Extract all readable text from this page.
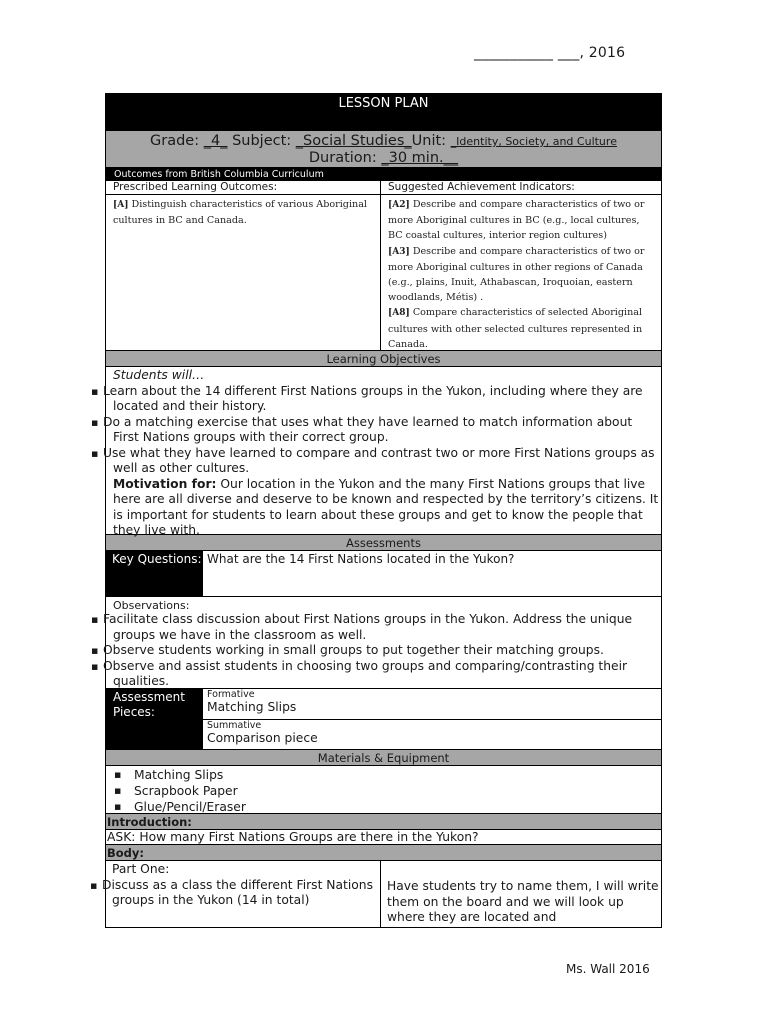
___________ ___, 2016
LESSON PLAN
Grade: _4_ Subject: _Social Studies_Unit: _Identity, Society, and Culture
Duration: _30 min.__
Outcomes from British Columbia Curriculum
Prescribed Learning Outcomes:	Suggested Achievement Indicators:
[A] Distinguish characteristics of various Aboriginal cultures in BC and Canada.
[A2] Describe and compare characteristics of two or more Aboriginal cultures in BC (e.g., local cultures, BC coastal cultures, interior region cultures)
[A3] Describe and compare characteristics of two or more Aboriginal cultures in other regions of Canada (e.g., plains, Inuit, Athabascan, Iroquoian, eastern woodlands, Métis) .
[A8] Compare characteristics of selected Aboriginal cultures with other selected cultures represented in Canada.
Learning Objectives
Students will…
▪ Learn about the 14 different First Nations groups in the Yukon, including where they are located and their history.
▪ Do a matching exercise that uses what they have learned to match information about First Nations groups with their correct group.
▪ Use what they have learned to compare and contrast two or more First Nations groups as well as other cultures.
Motivation for: Our location in the Yukon and the many First Nations groups that live here are all diverse and deserve to be known and respected by the territory’s citizens. It is important for students to learn about these groups and get to know the people that they live with.
Assessments
Key Questions: What are the 14 First Nations located in the Yukon?
Observations:
▪ Facilitate class discussion about First Nations groups in the Yukon. Address the unique groups we have in the classroom as well.
▪ Observe students working in small groups to put together their matching groups.
▪ Observe and assist students in choosing two groups and comparing/contrasting their qualities.
Assessment Pieces:
Formative
Matching Slips
Summative
Comparison piece
Materials & Equipment
▪ Matching Slips
▪ Scrapbook Paper
▪ Glue/Pencil/Eraser
Introduction:
ASK: How many First Nations Groups are there in the Yukon?
Body:
Part One:
▪ Discuss as a class the different First Nations groups in the Yukon (14 in total)
Have students try to name them, I will write them on the board and we will look up where they are located and
Ms. Wall 2016
